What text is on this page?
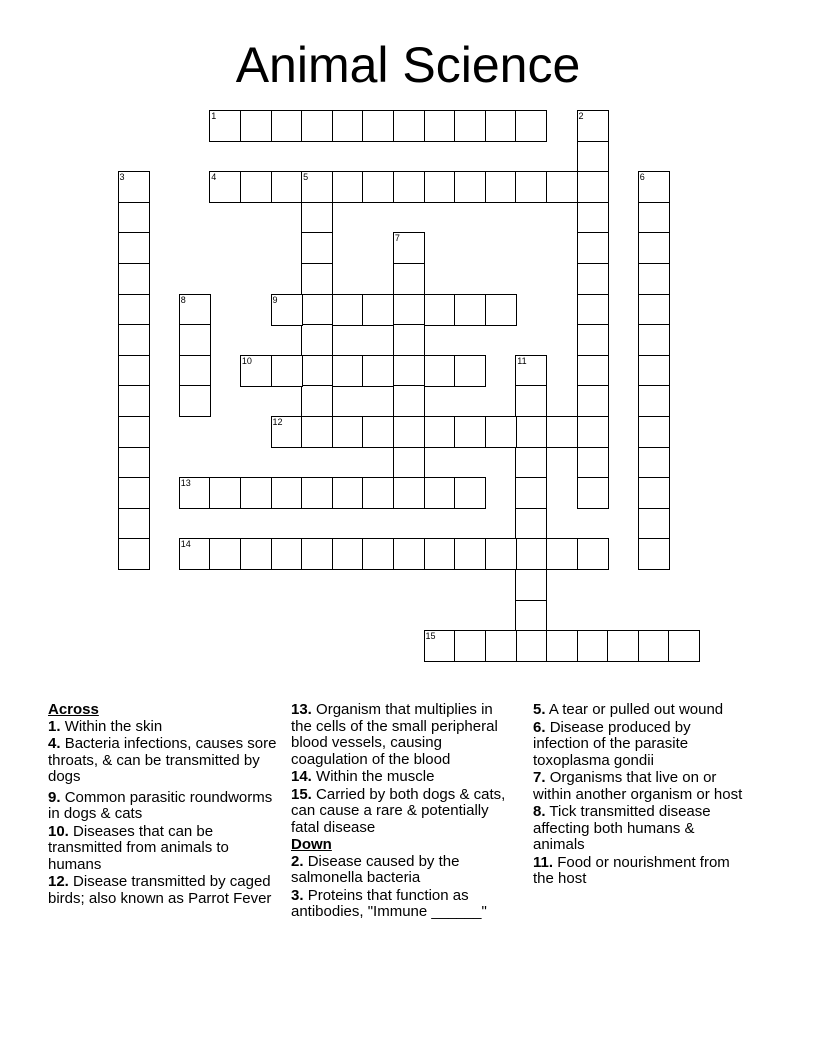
Animal Science
1	2
3	4	5	6
7
8	9
10	11
12
13
14
15
Across
1. Within the skin
4. Bacteria infections, causes sore throats, & can be transmitted by dogs
9. Common parasitic roundworms in dogs & cats
10. Diseases that can be transmitted from animals to humans
12. Disease transmitted by caged birds; also known as Parrot Fever
13. Organism that multiplies in the cells of the small peripheral blood vessels, causing coagulation of the blood
14. Within the muscle
15. Carried by both dogs & cats, can cause a rare & potentially fatal disease
Down
2. Disease caused by the salmonella bacteria
3. Proteins that function as antibodies, "Immune ______"
5. A tear or pulled out wound
6. Disease produced by infection of the parasite toxoplasma gondii
7. Organisms that live on or within another organism or host
8. Tick transmitted disease affecting both humans & animals
11. Food or nourishment from the host
